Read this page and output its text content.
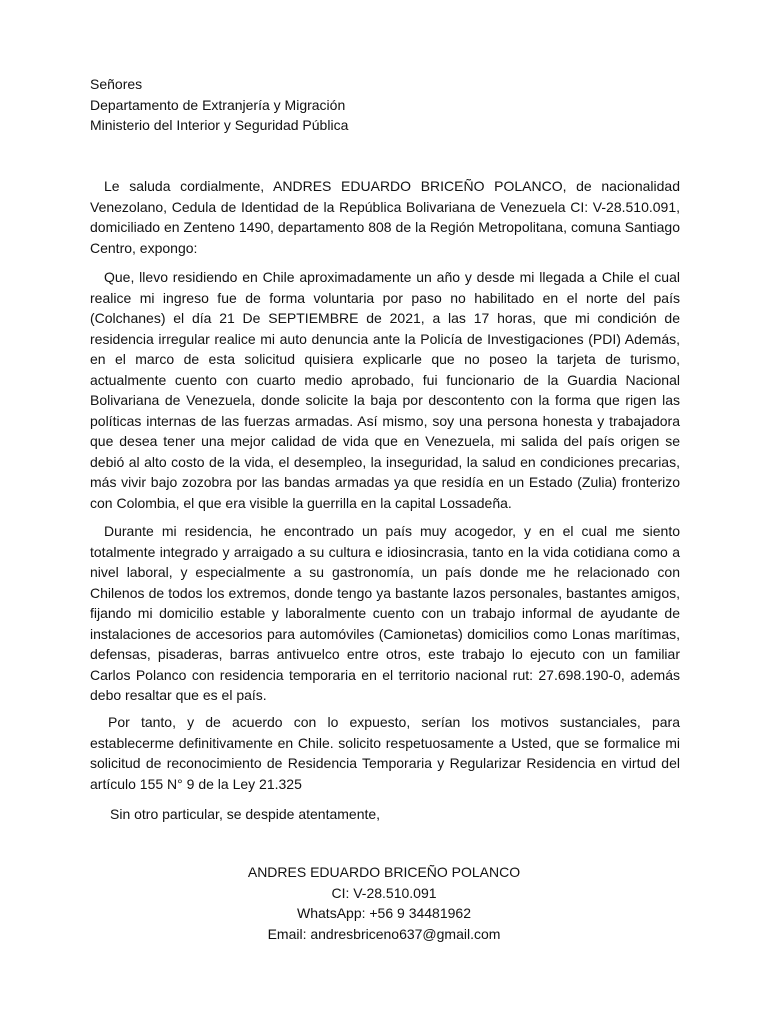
Señores
Departamento de Extranjería y Migración
Ministerio del Interior y Seguridad Pública

Le saluda cordialmente, ANDRES EDUARDO BRICEÑO POLANCO, de nacionalidad Venezolano, Cedula de Identidad de la República Bolivariana de Venezuela CI: V-28.510.091, domiciliado en Zenteno 1490, departamento 808 de la Región Metropolitana, comuna Santiago Centro, expongo:

Que, llevo residiendo en Chile aproximadamente un año y desde mi llegada a Chile el cual realice mi ingreso fue de forma voluntaria por paso no habilitado en el norte del país (Colchanes) el día 21 De SEPTIEMBRE de 2021, a las 17 horas, que mi condición de residencia irregular realice mi auto denuncia ante la Policía de Investigaciones (PDI) Además, en el marco de esta solicitud quisiera explicarle que no poseo la tarjeta de turismo, actualmente cuento con cuarto medio aprobado, fui funcionario de la Guardia Nacional Bolivariana de Venezuela, donde solicite la baja por descontento con la forma que rigen las políticas internas de las fuerzas armadas. Así mismo, soy una persona honesta y trabajadora que desea tener una mejor calidad de vida que en Venezuela, mi salida del país origen se debió al alto costo de la vida, el desempleo, la inseguridad, la salud en condiciones precarias, más vivir bajo zozobra por las bandas armadas ya que residía en un Estado (Zulia) fronterizo con Colombia, el que era visible la guerrilla en la capital Lossadeña.

Durante mi residencia, he encontrado un país muy acogedor, y en el cual me siento totalmente integrado y arraigado a su cultura e idiosincrasia, tanto en la vida cotidiana como a nivel laboral, y especialmente a su gastronomía, un país donde me he relacionado con Chilenos de todos los extremos, donde tengo ya bastante lazos personales, bastantes amigos, fijando mi domicilio estable y laboralmente cuento con un trabajo informal de ayudante de instalaciones de accesorios para automóviles (Camionetas) domicilios como Lonas marítimas, defensas, pisaderas, barras antivuelco entre otros, este trabajo lo ejecuto con un familiar Carlos Polanco con residencia temporaria en el territorio nacional rut: 27.698.190-0, además debo resaltar que es el país.

Por tanto, y de acuerdo con lo expuesto, serían los motivos sustanciales, para establecerme definitivamente en Chile. solicito respetuosamente a Usted, que se formalice mi solicitud de reconocimiento de Residencia Temporaria y Regularizar Residencia en virtud del artículo 155 N° 9 de la Ley 21.325

Sin otro particular, se despide atentamente,

ANDRES EDUARDO BRICEÑO POLANCO
CI: V-28.510.091
WhatsApp: +56 9 34481962
Email: andresbriceno637@gmail.com
